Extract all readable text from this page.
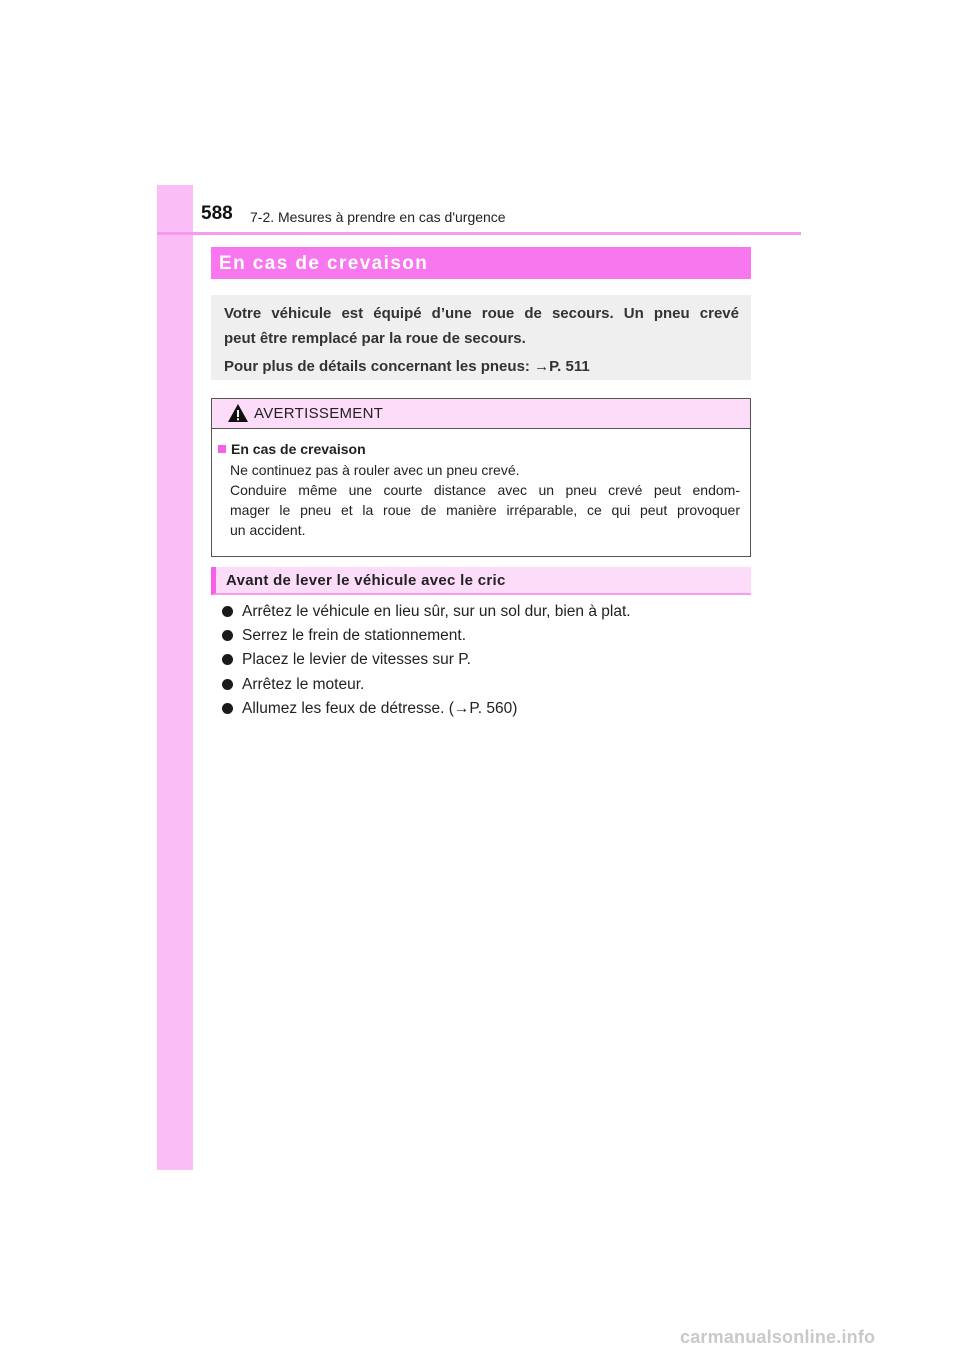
588 7-2. Mesures à prendre en cas d'urgence
En cas de crevaison

Votre véhicule est équipé d’une roue de secours. Un pneu crevé

peut être remplacé par la roue de secours.

Pour plus de détails concernant les pneus: →P. 511

AVERTISSEMENT
En cas de crevaison
Ne continuez pas à rouler avec un pneu crevé.
Conduire même une courte distance avec un pneu crevé peut endom-
mager le pneu et la roue de manière irréparable, ce qui peut provoquer
un accident.
Avant de lever le véhicule avec le cric
Arrêtez le véhicule en lieu sûr, sur un sol dur, bien à plat.
Serrez le frein de stationnement.
Placez le levier de vitesses sur P.
Arrêtez le moteur.
Allumez les feux de détresse. (→P. 560)
carmanualsonline.info
